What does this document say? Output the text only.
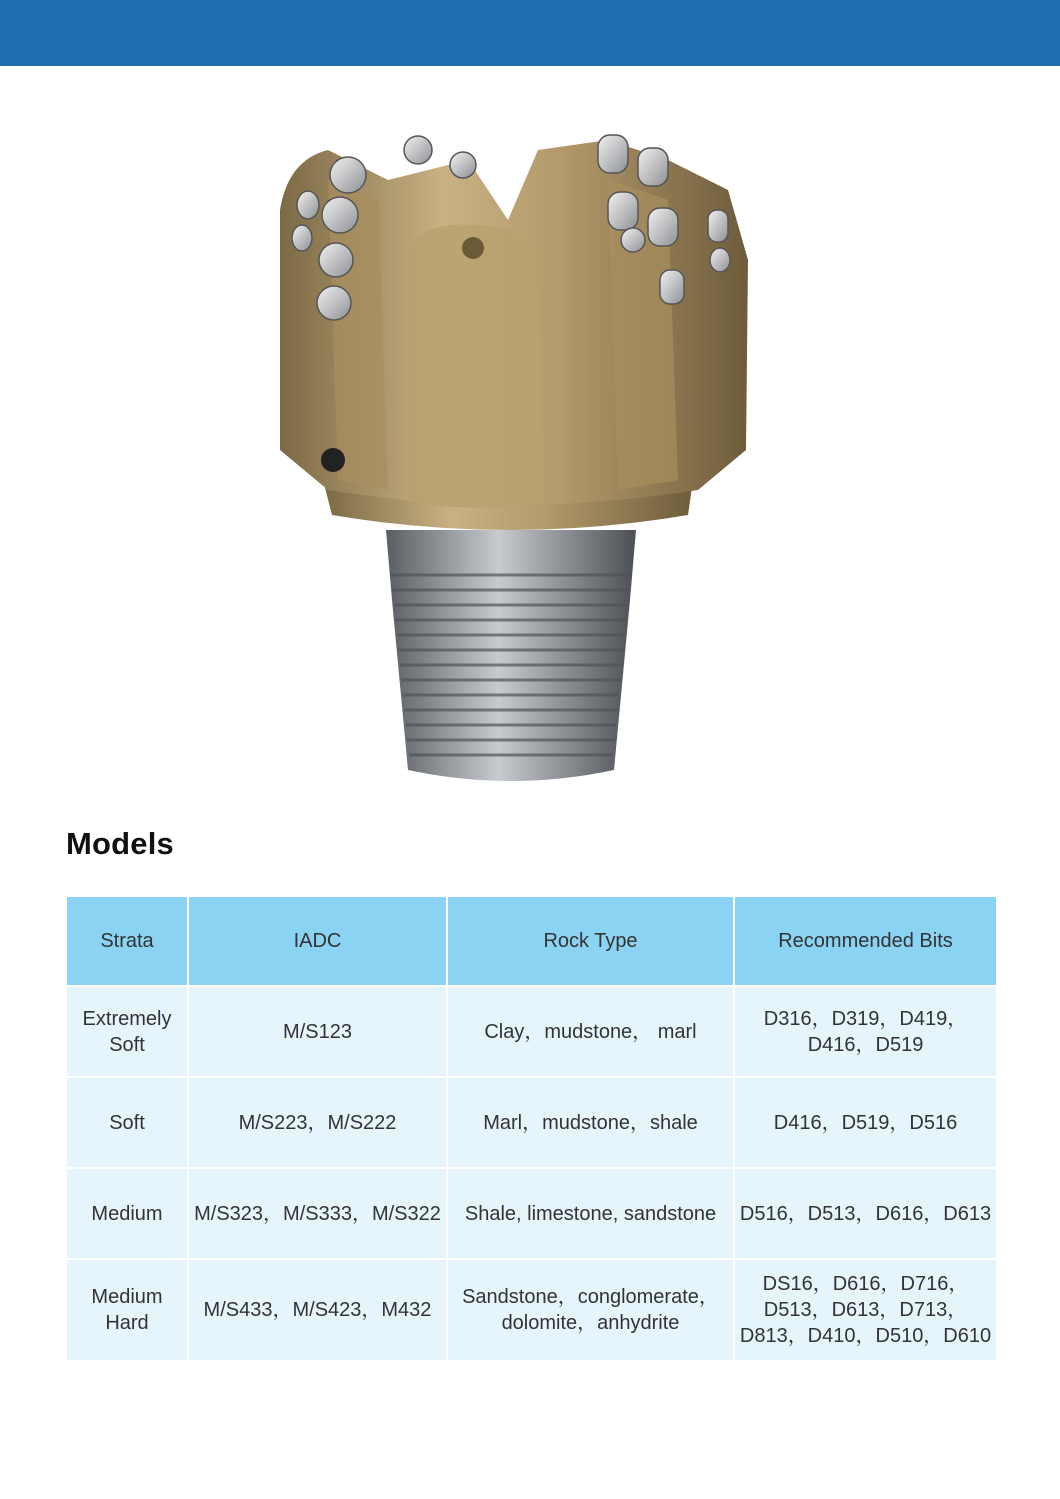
Models
Strata	IADC	Rock Type	Recommended Bits
Extremely Soft	M/S123	Clay，mudstone， marl	D316，D319，D419，D416，D519
Soft	M/S223，M/S222	Marl，mudstone，shale	D416，D519，D516
Medium	M/S323，M/S333，M/S322	Shale, limestone, sandstone	D516，D513，D616，D613
Medium Hard	M/S433，M/S423，M432	Sandstone，conglomerate，dolomite，anhydrite	DS16，D616，D716，D513，D613，D713，D813，D410，D510，D610
